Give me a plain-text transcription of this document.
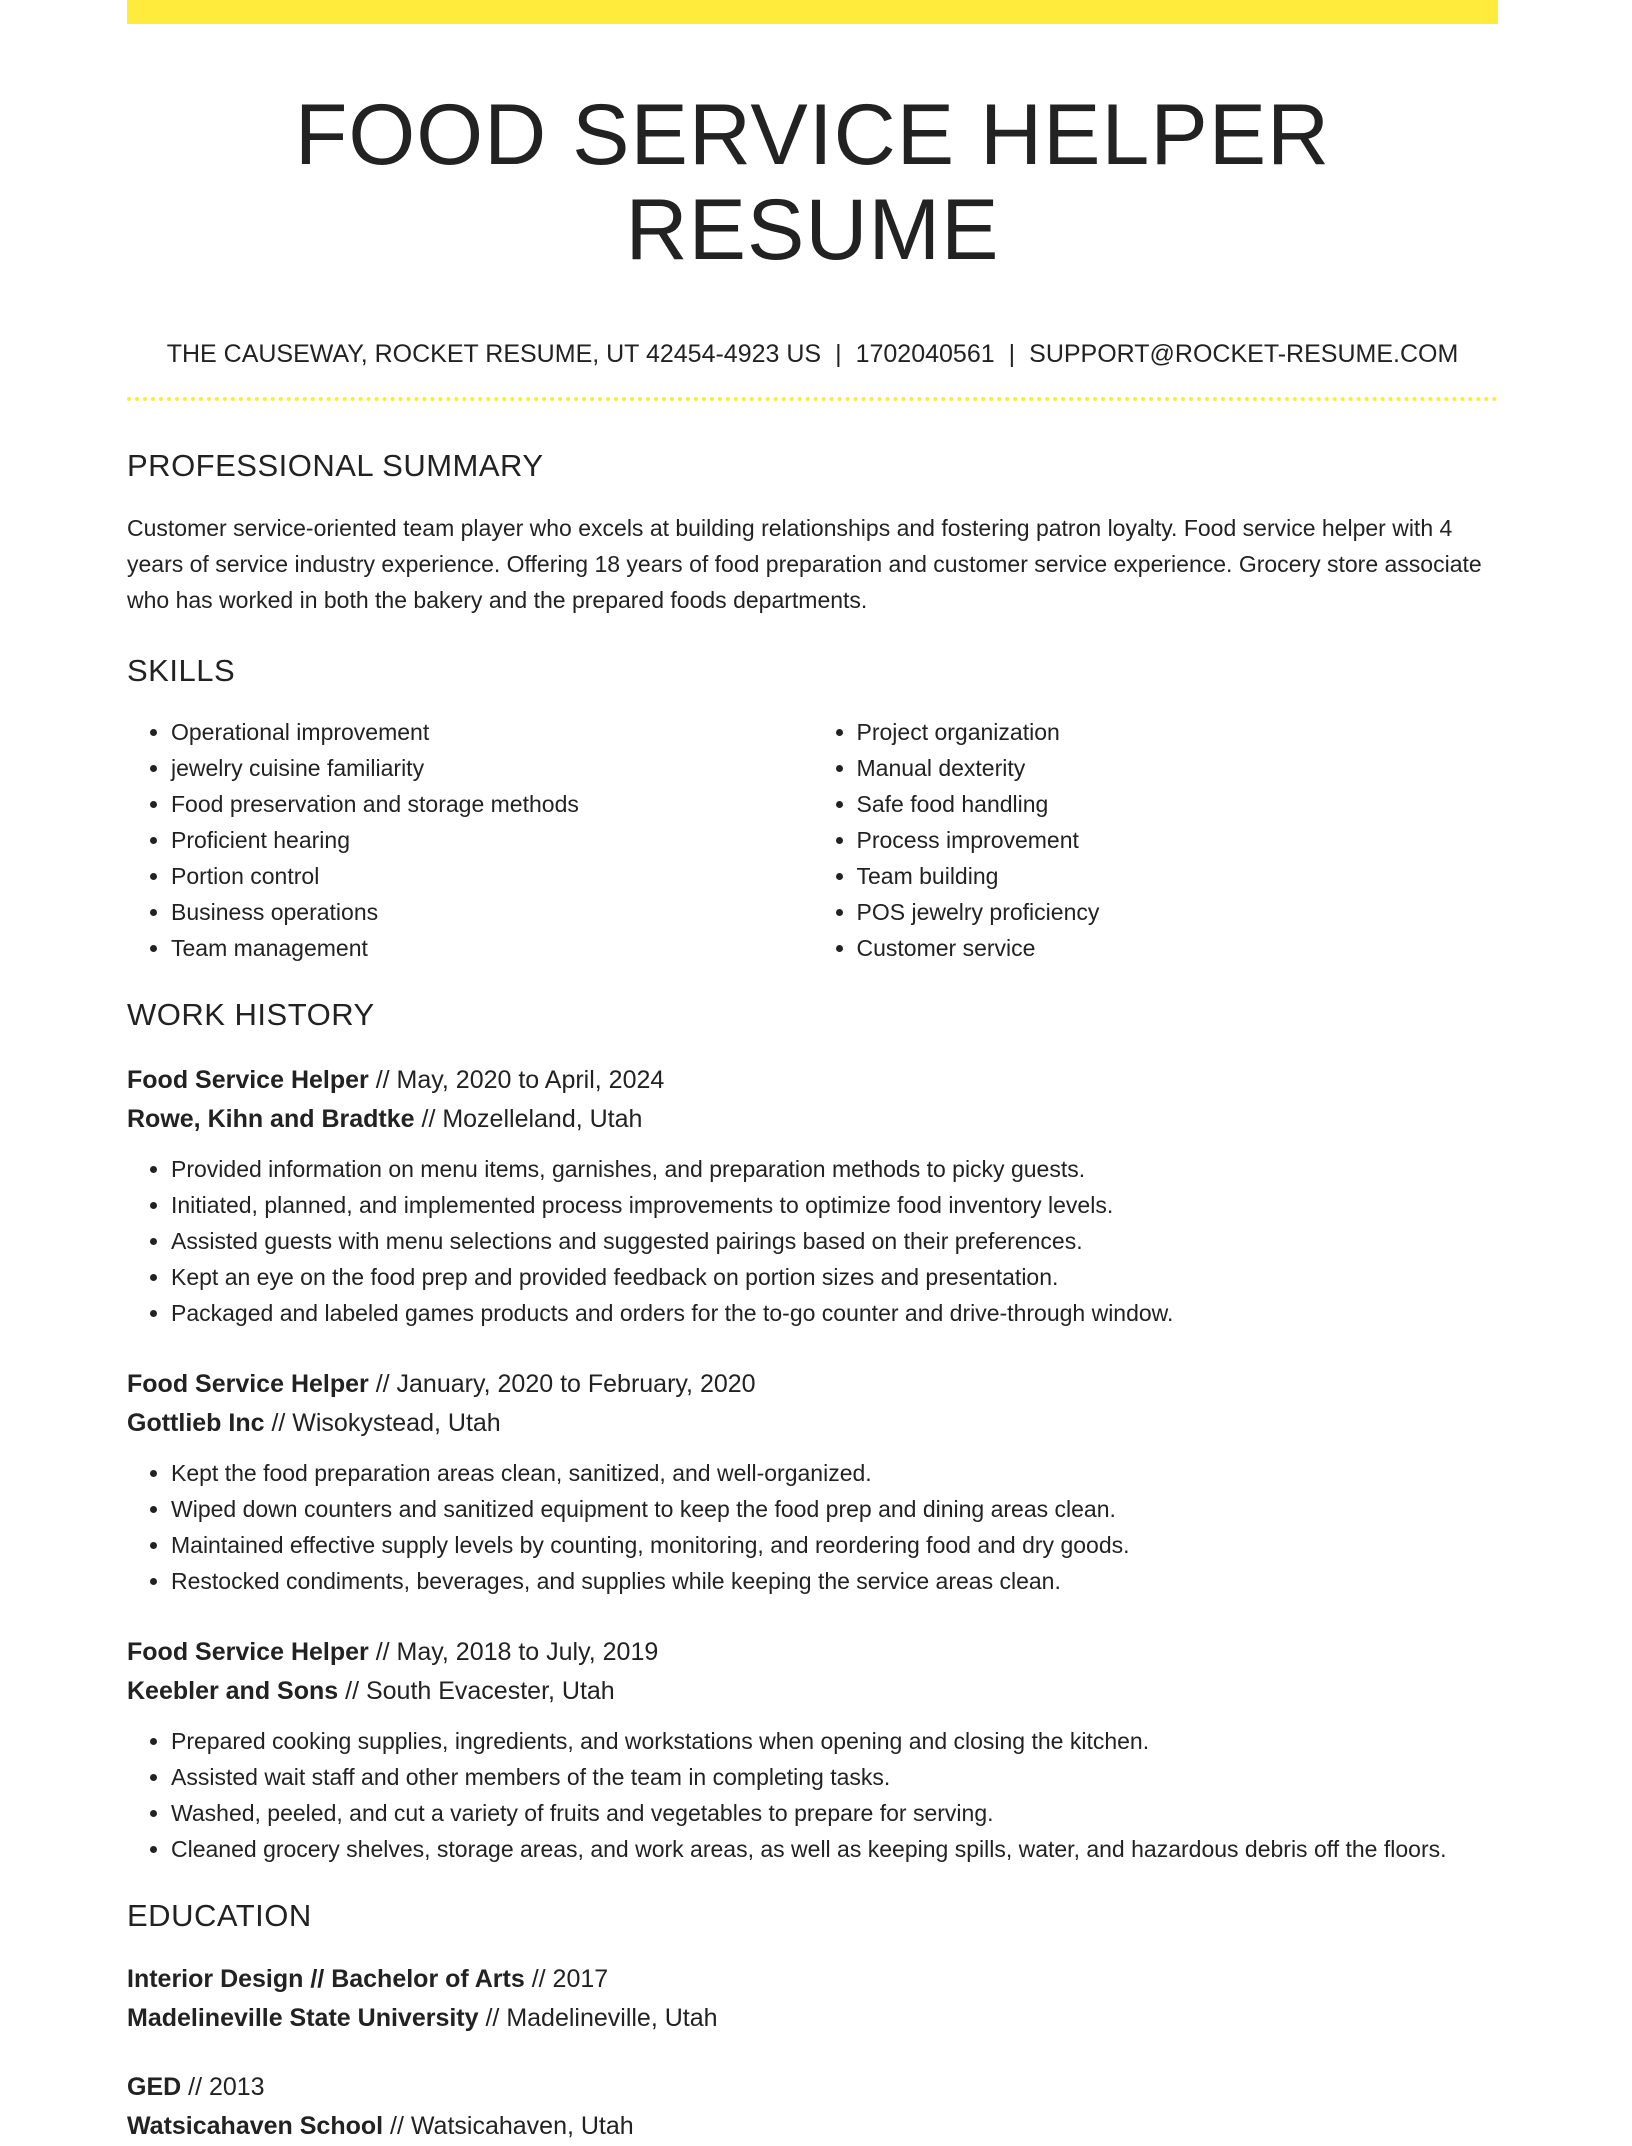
FOOD SERVICE HELPER RESUME
THE CAUSEWAY, ROCKET RESUME, UT 42454-4923 US | 1702040561 | SUPPORT@ROCKET-RESUME.COM
PROFESSIONAL SUMMARY

Customer service-oriented team player who excels at building relationships and fostering patron loyalty. Food service helper with 4 years of service industry experience. Offering 18 years of food preparation and customer service experience. Grocery store associate who has worked in both the bakery and the prepared foods departments.

SKILLS
• Operational improvement
• jewelry cuisine familiarity
• Food preservation and storage methods
• Proficient hearing
• Portion control
• Business operations
• Team management
• Project organization
• Manual dexterity
• Safe food handling
• Process improvement
• Team building
• POS jewelry proficiency
• Customer service
WORK HISTORY
Food Service Helper // May, 2020 to April, 2024
Rowe, Kihn and Bradtke // Mozelleland, Utah
• Provided information on menu items, garnishes, and preparation methods to picky guests.
• Initiated, planned, and implemented process improvements to optimize food inventory levels.
• Assisted guests with menu selections and suggested pairings based on their preferences.
• Kept an eye on the food prep and provided feedback on portion sizes and presentation.
• Packaged and labeled games products and orders for the to-go counter and drive-through window.
Food Service Helper // January, 2020 to February, 2020
Gottlieb Inc // Wisokystead, Utah
• Kept the food preparation areas clean, sanitized, and well-organized.
• Wiped down counters and sanitized equipment to keep the food prep and dining areas clean.
• Maintained effective supply levels by counting, monitoring, and reordering food and dry goods.
• Restocked condiments, beverages, and supplies while keeping the service areas clean.
Food Service Helper // May, 2018 to July, 2019
Keebler and Sons // South Evacester, Utah
• Prepared cooking supplies, ingredients, and workstations when opening and closing the kitchen.
• Assisted wait staff and other members of the team in completing tasks.
• Washed, peeled, and cut a variety of fruits and vegetables to prepare for serving.
• Cleaned grocery shelves, storage areas, and work areas, as well as keeping spills, water, and hazardous debris off the floors.
EDUCATION
Interior Design // Bachelor of Arts // 2017
Madelineville State University // Madelineville, Utah
GED // 2013
Watsicahaven School // Watsicahaven, Utah
